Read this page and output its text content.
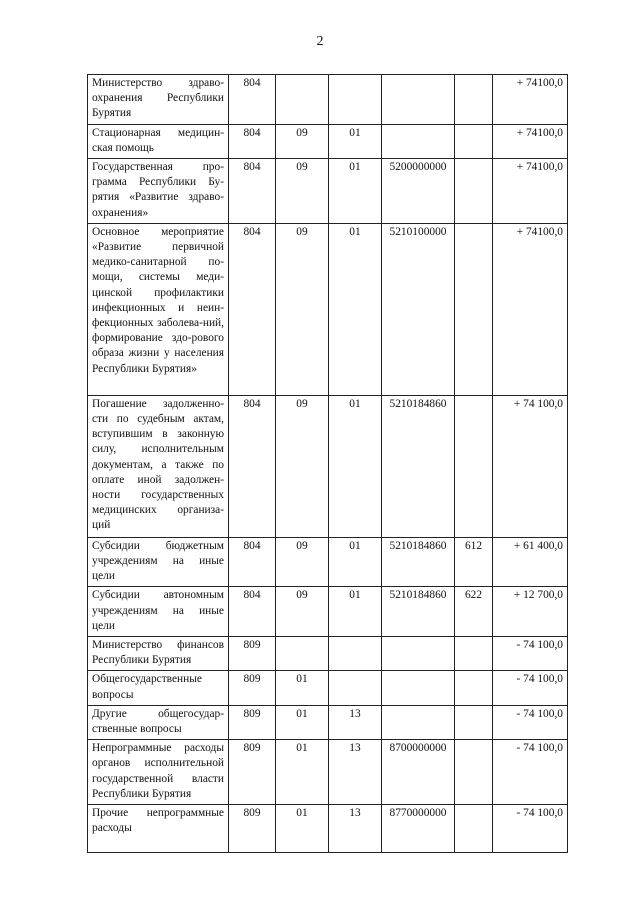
2
Министерство здраво-охранения Республики Бурятия	804					+ 74100,0
Стационарная медицин-ская помощь	804	09	01			+ 74100,0
Государственная про-грамма Республики Бу-рятия «Развитие здраво-охранения»	804	09	01	5200000000		+ 74100,0
Основное мероприятие «Развитие первичной медико-санитарной по-мощи, системы меди-цинской профилактики инфекционных и неин-фекционных заболева-ний, формирование здо-рового образа жизни у населения Республики Бурятия»	804	09	01	5210100000		+ 74100,0
Погашение задолженно-сти по судебным актам, вступившим в законную силу, исполнительным документам, а также по оплате иной задолжен-ности государственных медицинских организа-ций	804	09	01	5210184860		+ 74 100,0
Субсидии бюджетным учреждениям на иные цели	804	09	01	5210184860	612	+ 61 400,0
Субсидии автономным учреждениям на иные цели	804	09	01	5210184860	622	+ 12 700,0
Министерство финансов Республики Бурятия	809					- 74 100,0
Общегосударственные вопросы	809	01				- 74 100,0
Другие общегосудар-ственные вопросы	809	01	13			- 74 100,0
Непрограммные расходы органов исполнительной государственной власти Республики Бурятия	809	01	13	8700000000		- 74 100,0
Прочие непрограммные расходы	809	01	13	8770000000		- 74 100,0
